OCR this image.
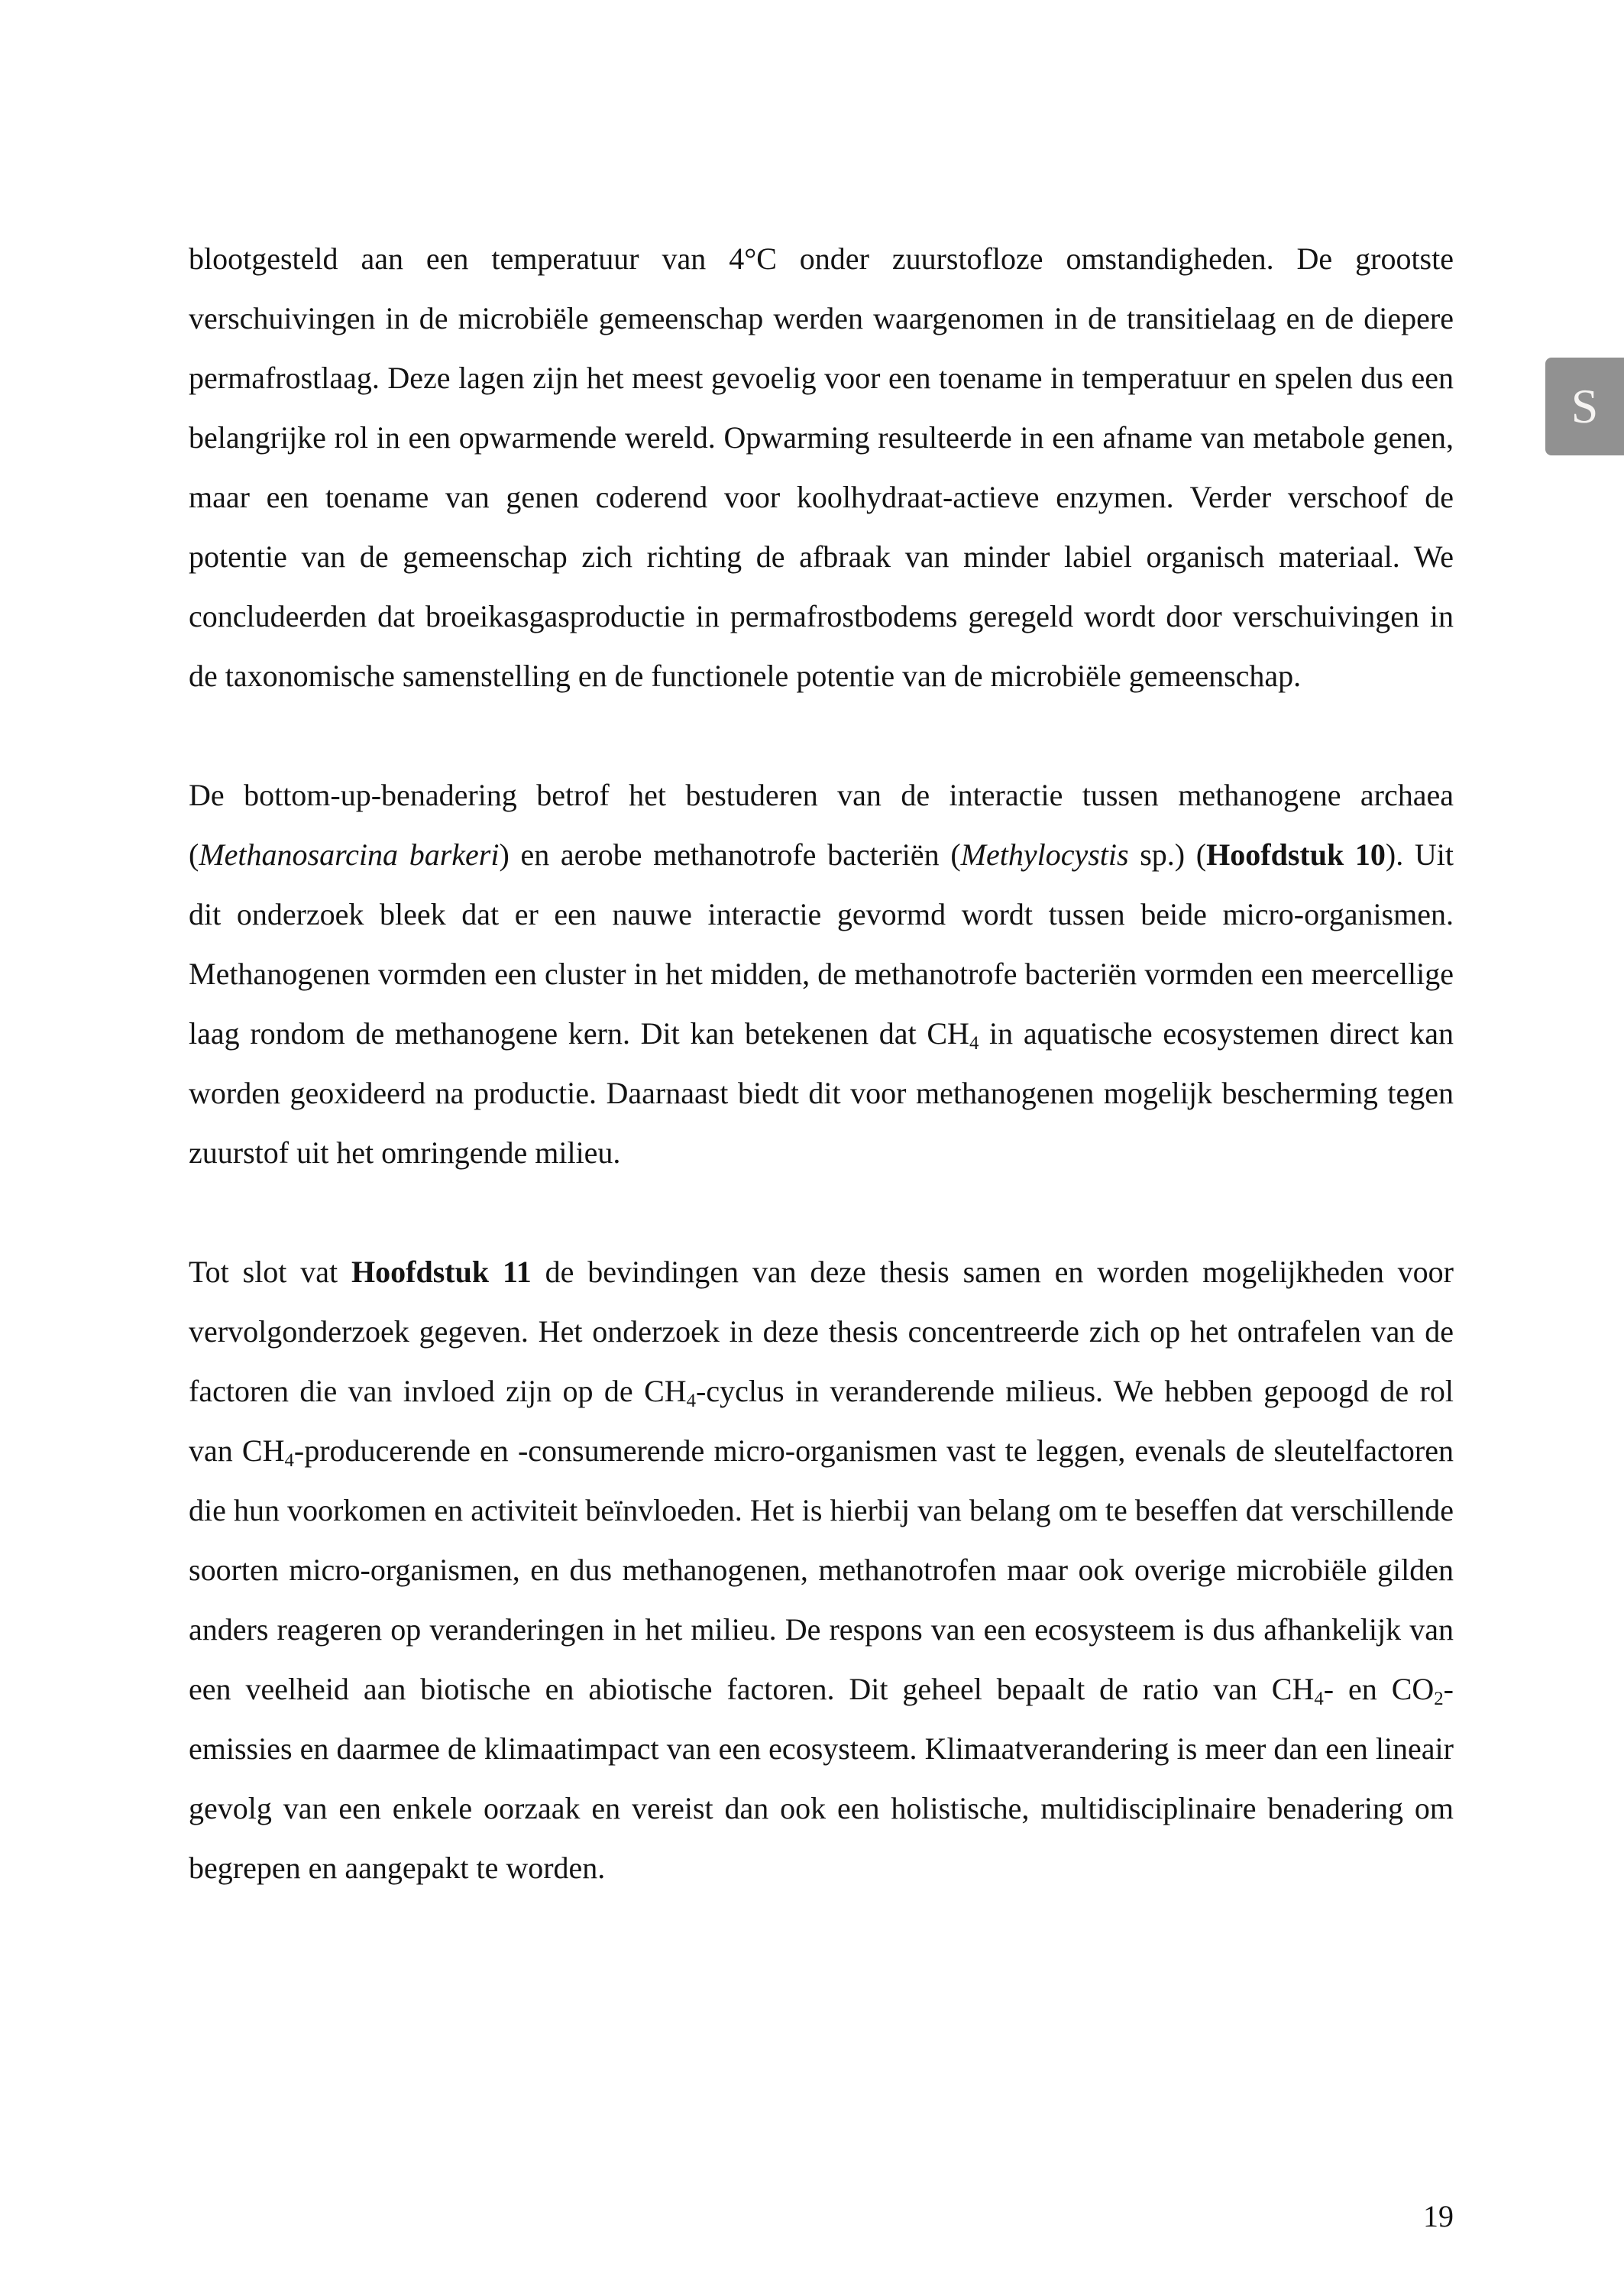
S

blootgesteld aan een temperatuur van 4°C onder zuurstofloze omstandigheden. De grootste verschuivingen in de microbiële gemeenschap werden waargenomen in de transitielaag en de diepere permafrostlaag. Deze lagen zijn het meest gevoelig voor een toename in temperatuur en spelen dus een belangrijke rol in een opwarmende wereld. Opwarming resulteerde in een afname van metabole genen, maar een toename van genen coderend voor koolhydraat-actieve enzymen. Verder verschoof de potentie van de gemeenschap zich richting de afbraak van minder labiel organisch materiaal. We concludeerden dat broeikasgasproductie in permafrostbodems geregeld wordt door verschuivingen in de taxonomische samenstelling en de functionele potentie van de microbiële gemeenschap.

De bottom-up-benadering betrof het bestuderen van de interactie tussen methanogene archaea (Methanosarcina barkeri) en aerobe methanotrofe bacteriën (Methylocystis sp.) (Hoofdstuk 10). Uit dit onderzoek bleek dat er een nauwe interactie gevormd wordt tussen beide micro-organismen. Methanogenen vormden een cluster in het midden, de methanotrofe bacteriën vormden een meercellige laag rondom de methanogene kern. Dit kan betekenen dat $CH_4$ in aquatische ecosystemen direct kan worden geoxideerd na productie. Daarnaast biedt dit voor methanogenen mogelijk bescherming tegen zuurstof uit het omringende milieu.

Tot slot vat Hoofdstuk 11 de bevindingen van deze thesis samen en worden mogelijkheden voor vervolgonderzoek gegeven. Het onderzoek in deze thesis concentreerde zich op het ontrafelen van de factoren die van invloed zijn op de $CH_4$-cyclus in veranderende milieus. We hebben gepoogd de rol van $CH_4$-producerende en -consumerende micro-organismen vast te leggen, evenals de sleutelfactoren die hun voorkomen en activiteit beïnvloeden. Het is hierbij van belang om te beseffen dat verschillende soorten micro-organismen, en dus methanogenen, methanotrofen maar ook overige microbiële gilden anders reageren op veranderingen in het milieu. De respons van een ecosysteem is dus afhankelijk van een veelheid aan biotische en abiotische factoren. Dit geheel bepaalt de ratio van $CH_4-$ en $CO_2$-emissies en daarmee de klimaatimpact van een ecosysteem. Klimaatverandering is meer dan een lineair gevolg van een enkele oorzaak en vereist dan ook een holistische, multidisciplinaire benadering om begrepen en aangepakt te worden.

19
